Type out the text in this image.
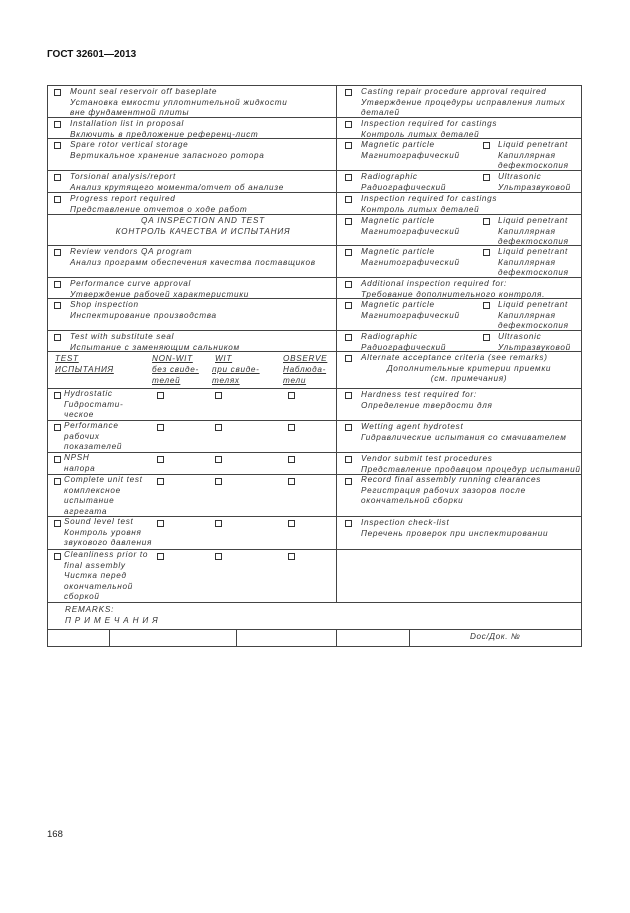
ГОСТ 32601—2013
Mount seal reservoir off baseplate
Установка емкости уплотнительной жидкости
вне фундаментной плиты
Casting repair procedure approval required
Утверждение процедуры исправления литых
деталей
Installation list in proposal
Включить в предложение референц-лист
Inspection required for castings
Контроль литых деталей
Spare rotor vertical storage
Вертикальное хранение запасного ротора
Magnetic particle
Магнитографический
Liquid penetrant
Капиллярная
дефектоскопия
Torsional analysis/report
Анализ крутящего момента/отчет об анализе
Radiographic
Радиографический
Ultrasonic
Ультразвуковой
Progress report required
Представление отчетов о ходе работ
Inspection required for castings
Контроль литых деталей
QA INSPECTION AND TEST
КОНТРОЛЬ КАЧЕСТВА И ИСПЫТАНИЯ
Magnetic particle
Магнитографический
Liquid penetrant
Капиллярная
дефектоскопия
Review vendors QA program
Анализ программ обеспечения качества поставщиков
Magnetic particle
Магнитографический
Liquid penetrant
Капиллярная
дефектоскопия
Performance curve approval
Утверждение рабочей характеристики
Additional inspection required for:
Требование дополнительного контроля.
Shop inspection
Инспектирование производства
Magnetic particle
Магнитографический
Liquid penetrant
Капиллярная
дефектоскопия
Test with substitute seal
Испытание с заменяющим сальником
Radiographic
Радиографический
Ultrasonic
Ультразвуковой
TEST
ИСПЫТАНИЯ
NON-WIT
без свиде-
телей
WIT
при свиде-
телях
OBSERVE
Наблюда-
тели
Alternate acceptance criteria (see remarks)
Дополнительные критерии приемки
(см. примечания)
Hydrostatic
Гидростати-
ческое
Hardness test required for:
Определение твердости для
Performance
рабочих
показателей
Wetting agent hydrotest
Гидравлические испытания со смачивателем
NPSH
напора
Vendor submit test procedures
Представление продавцом процедур испытаний
Complete unit test
комплексное
испытание
агрегата
Record final assembly running clearances
Регистрация рабочих зазоров после
окончательной сборки
Sound level test
Контроль уровня
звукового давления
Inspection check-list
Перечень проверок при инспектировании
Cleanliness prior to
final assembly
Чистка перед
окончательной
сборкой
REMARKS:
П Р И М Е Ч А Н И Я
Doc/Док. №
168
